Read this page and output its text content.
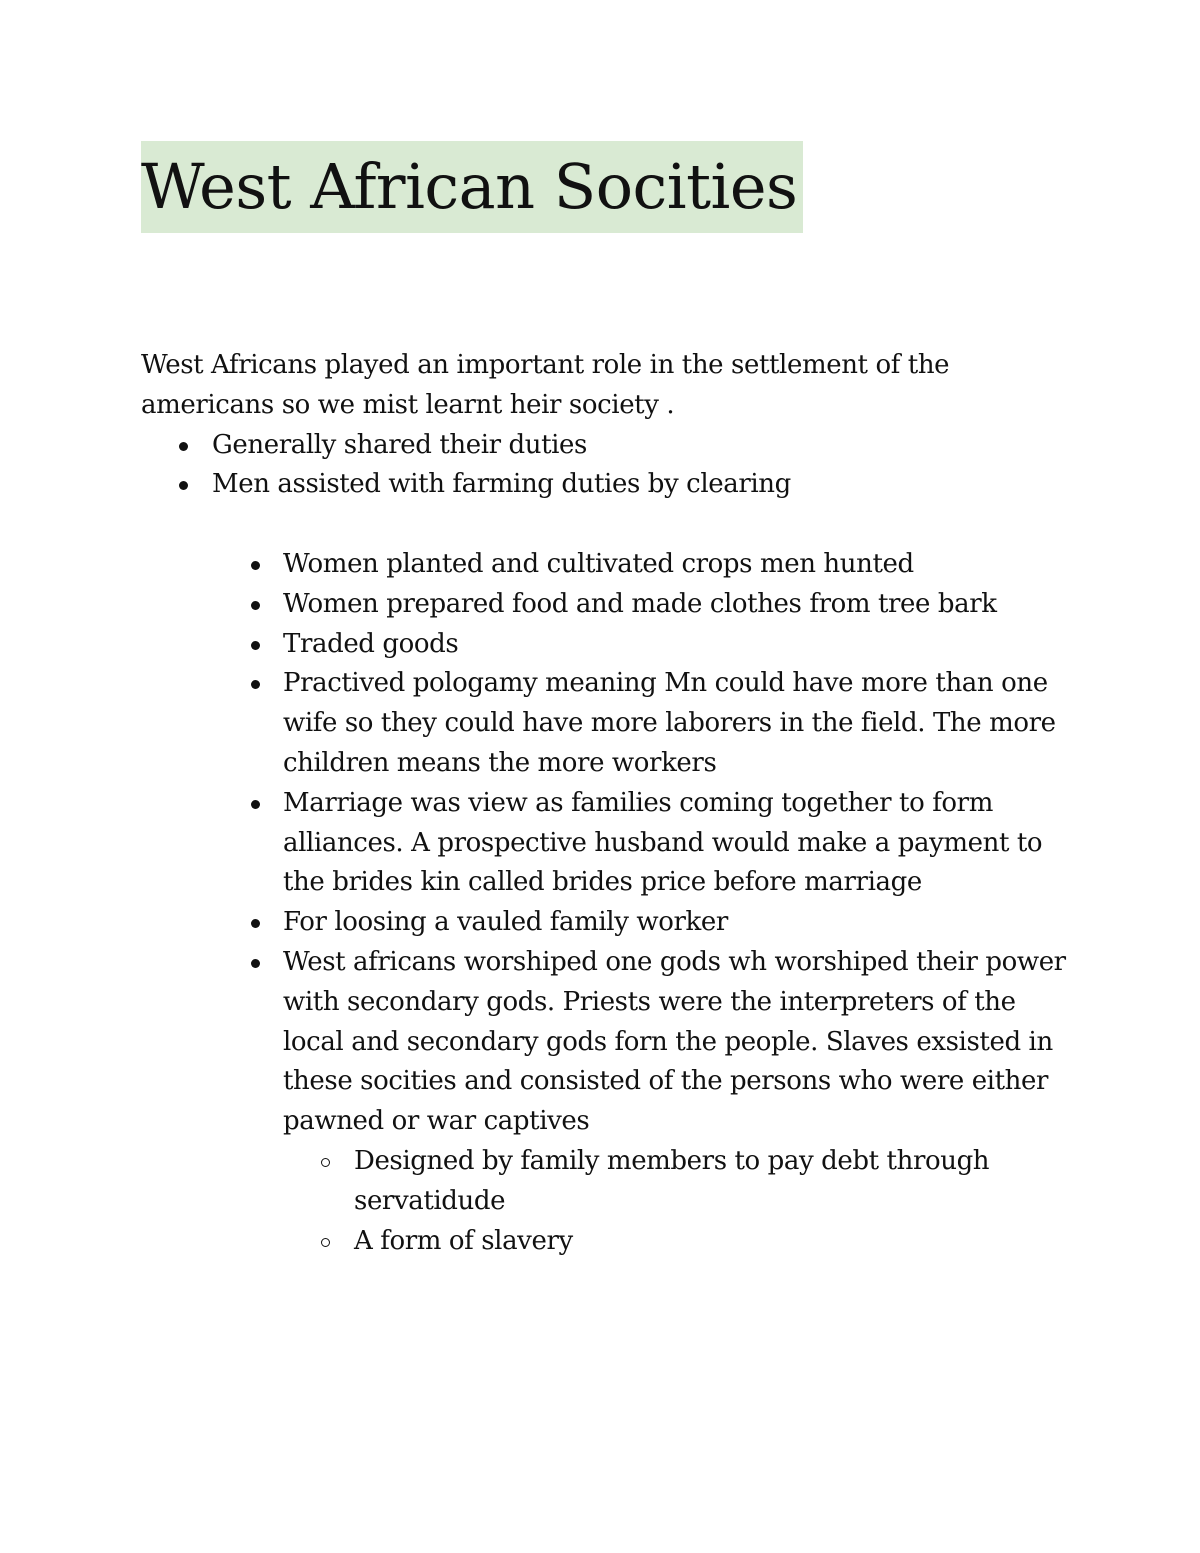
West African Socities

West Africans played an important role in the settlement of the americans so we mist learnt heir society .

Generally shared their duties
Men assisted with farming duties by clearing
Women planted and cultivated crops men hunted
Women prepared food and made clothes from tree bark
Traded goods
Practived pologamy meaning Mn could have more than one wife so they could have more laborers in the field. The more children means the more workers
Marriage was view as families coming together to form alliances. A prospective husband would make a payment to the brides kin called brides price before marriage
For loosing a vauled family worker
West africans worshiped one gods wh worshiped their power with secondary gods. Priests were the interpreters of the local and secondary gods forn the people. Slaves exsisted in these socities and consisted of the persons who were either pawned or war captives
Designed by family members to pay debt through servatidude
A form of slavery
